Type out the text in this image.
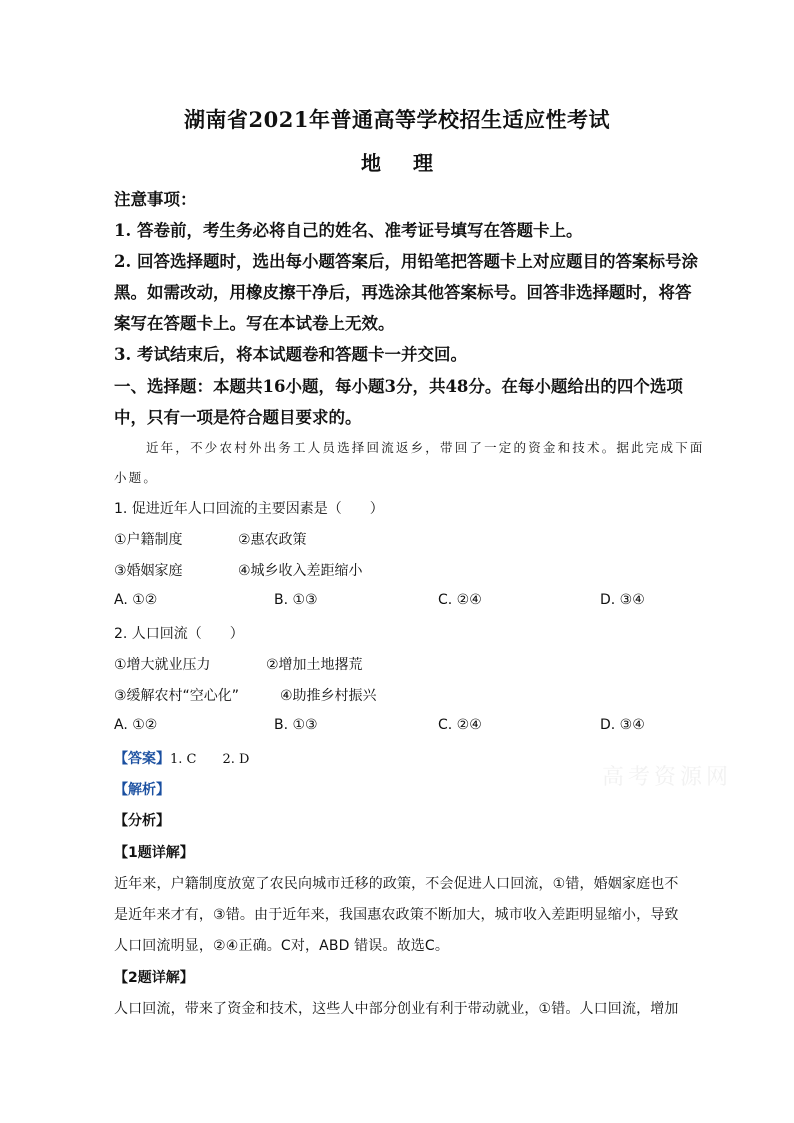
湖南省2021年普通高等学校招生适应性考试
地 理
注意事项：
1. 答卷前，考生务必将自己的姓名、准考证号填写在答题卡上。
2. 回答选择题时，选出每小题答案后，用铅笔把答题卡上对应题目的答案标号涂
黑。如需改动，用橡皮擦干净后，再选涂其他答案标号。回答非选择题时，将答
案写在答题卡上。写在本试卷上无效。
3. 考试结束后，将本试题卷和答题卡一并交回。
一、选择题：本题共16小题，每小题3分，共48分。在每小题给出的四个选项
中，只有一项是符合题目要求的。
近年，不少农村外出务工人员选择回流返乡，带回了一定的资金和技术。据此完成下面
小题。
1. 促进近年人口回流的主要因素是（　　）
①户籍制度	②惠农政策
③婚姻家庭	④城乡收入差距缩小
A. ①②	B. ①③	C. ②④	D. ③④
2. 人口回流（　　）
①增大就业压力	②增加土地撂荒
③缓解农村“空心化”	④助推乡村振兴
A. ①②	B. ①③	C. ②④	D. ③④
【答案】1. C　　2. D
【解析】
【分析】
【1题详解】
近年来，户籍制度放宽了农民向城市迁移的政策，不会促进人口回流，①错，婚姻家庭也不
是近年来才有，③错。由于近年来，我国惠农政策不断加大，城市收入差距明显缩小，导致
人口回流明显，②④正确。C对，ABD 错误。故选C。
【2题详解】
人口回流，带来了资金和技术，这些人中部分创业有利于带动就业，①错。人口回流，增加
高考资源网
